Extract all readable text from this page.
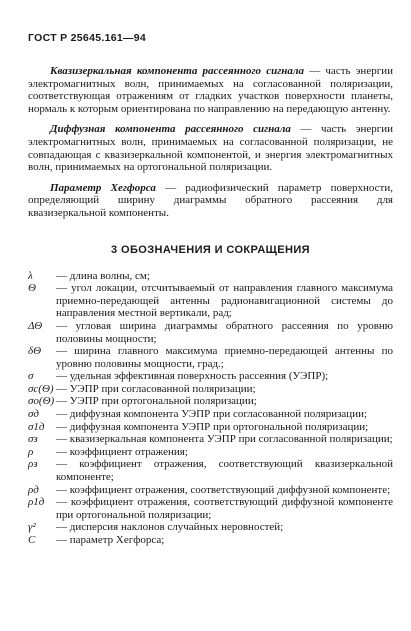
ГОСТ Р 25645.161—94

Квазизеркальная компонента рассеянного сигнала — часть энергии электромагнитных волн, принимаемых на согласованной поляризации, соответствующая отражениям от гладких участков поверхности планеты, нормаль к которым ориентирована по направлению на передающую антенну.

Диффузная компонента рассеянного сигнала — часть энергии электромагнитных волн, принимаемых на согласованной поляризации, не совпадающая с квазизеркальной компонентой, и энергия электромагнитных волн, принимаемых на ортогональной поляризации.

Параметр Хегфорса — радиофизический параметр поверхности, определяющий ширину диаграммы обратного рассеяния для квазизеркальной компоненты.

3 ОБОЗНАЧЕНИЯ И СОКРАЩЕНИЯ
λ	— длина волны, см;
Θ	— угол локации, отсчитываемый от направления главного максимума приемно-передающей антенны радионавигационной системы до направления местной вертикали, рад;
ΔΘ	— угловая ширина диаграммы обратного рассеяния по уровню половины мощности;
δΘ	— ширина главного максимума приемно-передающей антенны по уровню половины мощности, град.;
σ	— удельная эффективная поверхность рассеяния (УЭПР);
σс(Θ) — УЭПР при согласованной поляризации;
σо(Θ) — УЭПР при ортогональной поляризации;
σд	— диффузная компонента УЭПР при согласованной поляризации;
σ1д	— диффузная компонента УЭПР при ортогональной поляризации;
σз	— квазизеркальная компонента УЭПР при согласованной поляризации;
ρ	— коэффициент отражения;
ρз	— коэффициент отражения, соответствующий квазизеркальной компоненте;
ρд	— коэффициент отражения, соответствующий диффузной компоненте;
ρ1д	— коэффициент отражения, соответствующий диффузной компоненте при ортогональной поляризации;
γ²	— дисперсия наклонов случайных неровностей;
C	— параметр Хегфорса;
